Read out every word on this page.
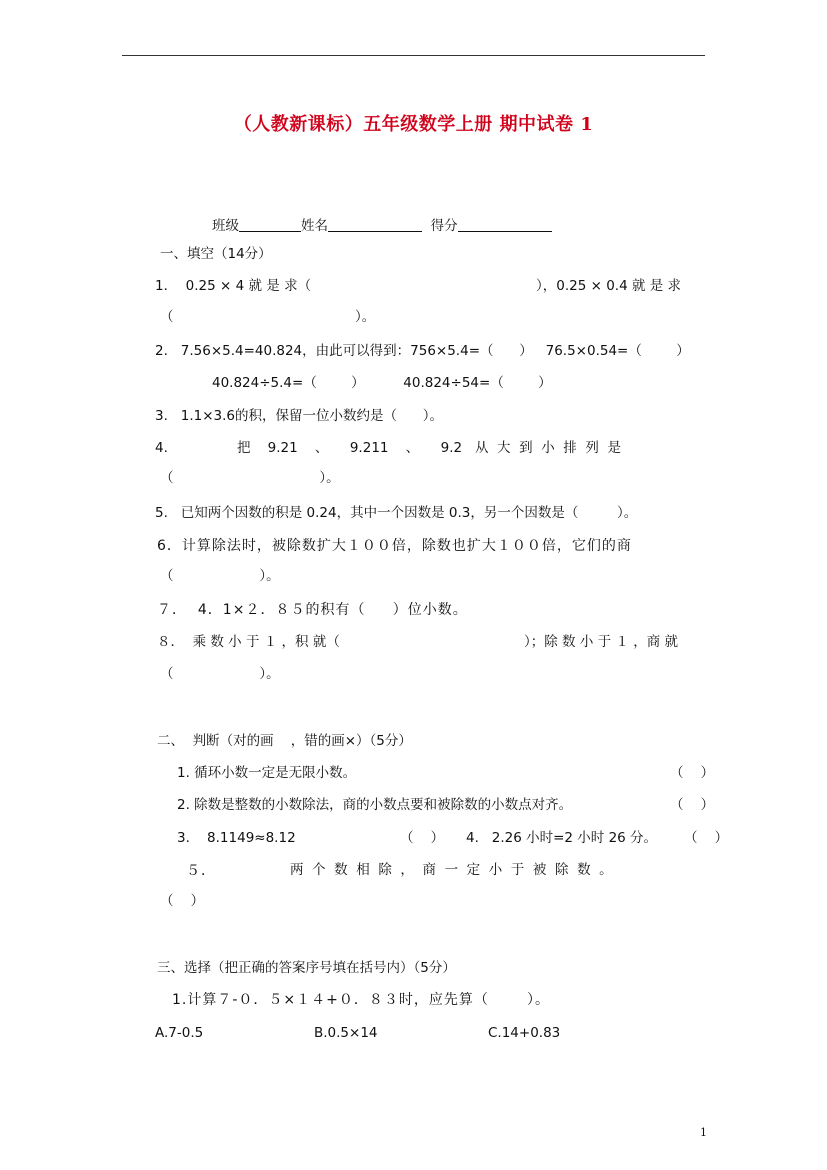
（人教新课标）五年级数学上册 期中试卷 1
班级	姓名	得分
一、填空（14分）
1．  0.25 × 4 就 是 求（	），0.25 × 0.4 就 是 求
（	）。
2.   7.56×5.4=40.824，由此可以得到：756×5.4=（      ）   76.5×0.54=（        ）
40.824÷5.4=（        ）         40.824÷54=（        ）
3.   1.1×3.6的积，保留一位小数约是（      ）。
4.	把    9.21    、     9.211    、     9.2   从  大  到  小  排  列  是
（                                  ）。
5.   已知两个因数的积是 0.24，其中一个因数是 0.3，另一个因数是（         ）。
6．计算除法时，被除数扩大１００倍，除数也扩大１００倍，它们的商
（                    ）。
７．  4．1×２．８５的积有（     ）位小数。
８．  乘 数 小 于 １ ，积 就（	）；除 数 小 于 １ ，商 就
（                    ）。
二、  判断（对的画    ，错的画×）（5分）
1. 循环小数一定是无限小数。	（    ）
2. 除数是整数的小数除法，商的小数点要和被除数的小数点对齐。	（    ）
3.    8.1149≈8.12	（    ） 4.   2.26 小时=2 小时 26 分。 （    ）
５．	两  个  数  相  除  ，  商  一  定  小  于  被  除  数  。
（    ）
三、选择（把正确的答案序号填在括号内）（5分）
1.计算７-０．５×１４+０．８３时，应先算（       ）。
A.7-0.5	B.0.5×14	C.14+0.83
1
